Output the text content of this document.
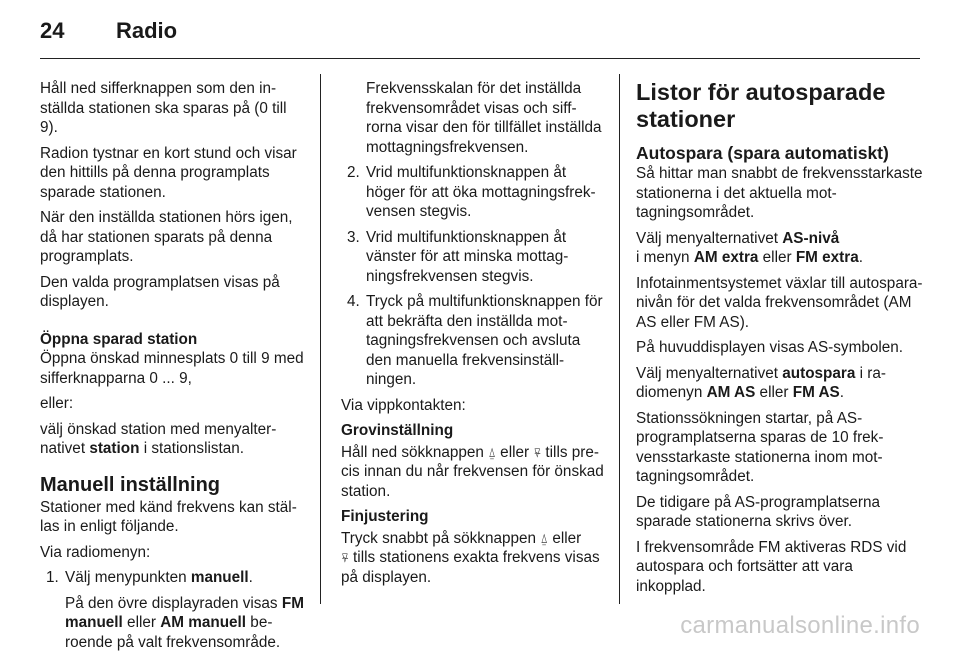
24 Radio

Håll ned sifferknappen som den inställda stationen ska sparas på (0 till 9).

Radion tystnar en kort stund och visar den hittills på denna programplats sparade stationen.

När den inställda stationen hörs igen, då har stationen sparats på denna programplats.

Den valda programplatsen visas på displayen.

Öppna sparad station

Öppna önskad minnesplats 0 till 9 med sifferknapparna 0 ... 9,

eller:

välj önskad station med menyalternativet station i stationslistan.

Manuell inställning

Stationer med känd frekvens kan ställas in enligt följande.

Via radiomenyn:

1. Välj menypunkten manuell.

På den övre displayraden visas FM manuell eller AM manuell beroende på valt frekvensområde.

Frekvensskalan för det inställda frekvensområdet visas och siffrorna visar den för tillfället inställda mottagningsfrekvensen.

2. Vrid multifunktionsknappen åt höger för att öka mottagningsfrekvensen stegvis.
3. Vrid multifunktionsknappen åt vänster för att minska mottagningsfrekvensen stegvis.
4. Tryck på multifunktionsknappen för att bekräfta den inställda mottagningsfrekvensen och avsluta den manuella frekvensinställningen.

Via vippkontakten:

Grovinställning

Håll ned sökknappen ⍙ eller ⍫ tills precis innan du når frekvensen för önskad station.

Finjustering

Tryck snabbt på sökknappen ⍙ eller
⍫ tills stationens exakta frekvens visas på displayen.

Listor för autosparade stationer

Autospara (spara automatiskt)

Så hittar man snabbt de frekvensstarkaste stationerna i det aktuella mottagningsområdet.

Välj menyalternativet AS-nivå
i menyn AM extra eller FM extra.

Infotainmentsystemet växlar till autospara-nivån för det valda frekvensområdet (AM AS eller FM AS).

På huvuddisplayen visas AS-symbolen.

Välj menyalternativet autospara i radiomenyn AM AS eller FM AS.

Stationssökningen startar, på AS-programplatserna sparas de 10 frekvensstarkaste stationerna inom mottagningsområdet.

De tidigare på AS-programplatserna sparade stationerna skrivs över.

I frekvensområde FM aktiveras RDS vid autospara och fortsätter att vara inkopplad.

carmanualsonline.info
